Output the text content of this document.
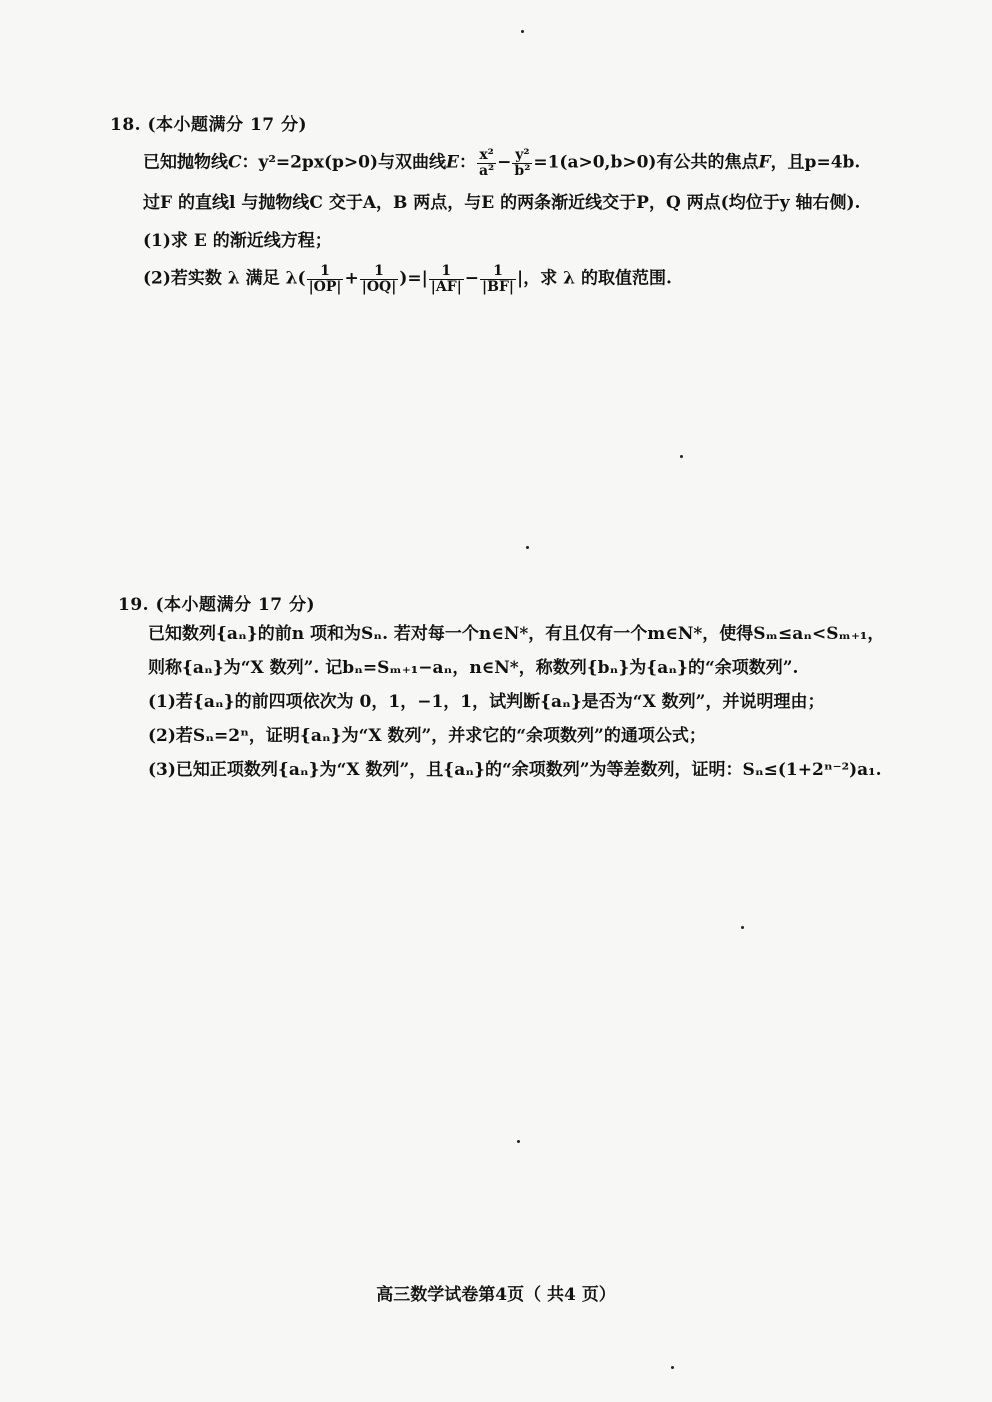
18. (本小题满分 17 分)
已知抛物线C：y²=2px(p>0)与双曲线E： $\frac{\text{x²}}{\text{a²}} - \frac{\text{y²}}{\text{b²}} =1(a>0,b>0)$有公共的焦点F，且p=4b.
过F 的直线l 与抛物线C 交于A，B 两点，与E 的两条渐近线交于P，Q 两点(均位于y 轴右侧).
(1)求 E 的渐近线方程；
(2)若实数 λ 满足 $\lambda( \frac{1}{|OP|} + \frac{1}{|OQ|}$ )=| $\frac{1}{|AF|} - \frac{1}{|BF|}$ |，求 λ 的取值范围.
19. (本小题满分 17 分)
已知数列{aₙ}的前n 项和为Sₙ. 若对每一个n∈N*，有且仅有一个m∈N*，使得Sₘ≤aₙ<Sₘ₊₁，
则称{aₙ}为“X 数列”. 记bₙ=Sₘ₊₁−aₙ，n∈N*，称数列{bₙ}为{aₙ}的“余项数列”.
(1)若{aₙ}的前四项依次为 0，1，−1，1，试判断{aₙ}是否为“X 数列”，并说明理由；
(2)若Sₙ=2ⁿ，证明{aₙ}为“X 数列”，并求它的“余项数列”的通项公式；
(3)已知正项数列{aₙ}为“X 数列”，且{aₙ}的“余项数列”为等差数列，证明：Sₙ≤(1+2ⁿ⁻²)a₁.
高三数学试卷第4页（ 共4 页）
